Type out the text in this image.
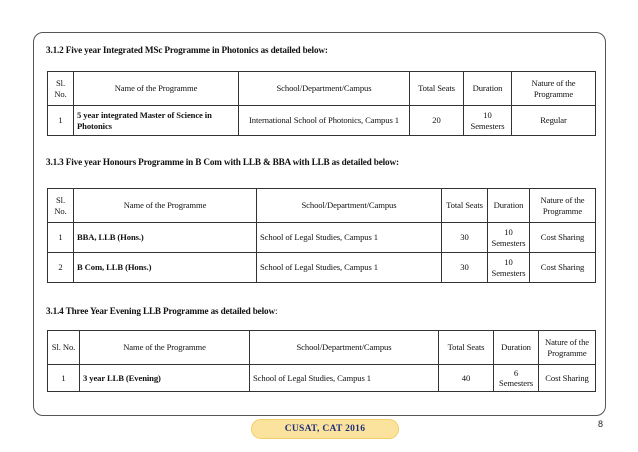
3.1.2 Five year Integrated MSc Programme in Photonics as detailed below:
Sl. No.	Name of the Programme	School/Department/Campus	Total Seats	Duration	Nature of the Programme
1	5 year integrated Master of Science in Photonics	International School of Photonics, Campus 1	20	10 Semesters	Regular
3.1.3 Five year Honours Programme in B Com with LLB & BBA with LLB as detailed below:
Sl. No.	Name of the Programme	School/Department/Campus	Total Seats	Duration	Nature of the Programme
1	BBA, LLB (Hons.)	School of Legal Studies, Campus 1	30	10 Semesters	Cost Sharing
2	B Com, LLB (Hons.)	School of Legal Studies, Campus 1	30	10 Semesters	Cost Sharing
3.1.4 Three Year Evening LLB Programme as detailed below:
Sl. No.	Name of the Programme	School/Department/Campus	Total Seats	Duration	Nature of the Programme
1	3 year LLB (Evening)	School of Legal Studies, Campus 1	40	6 Semesters	Cost Sharing
CUSAT, CAT 2016	8
